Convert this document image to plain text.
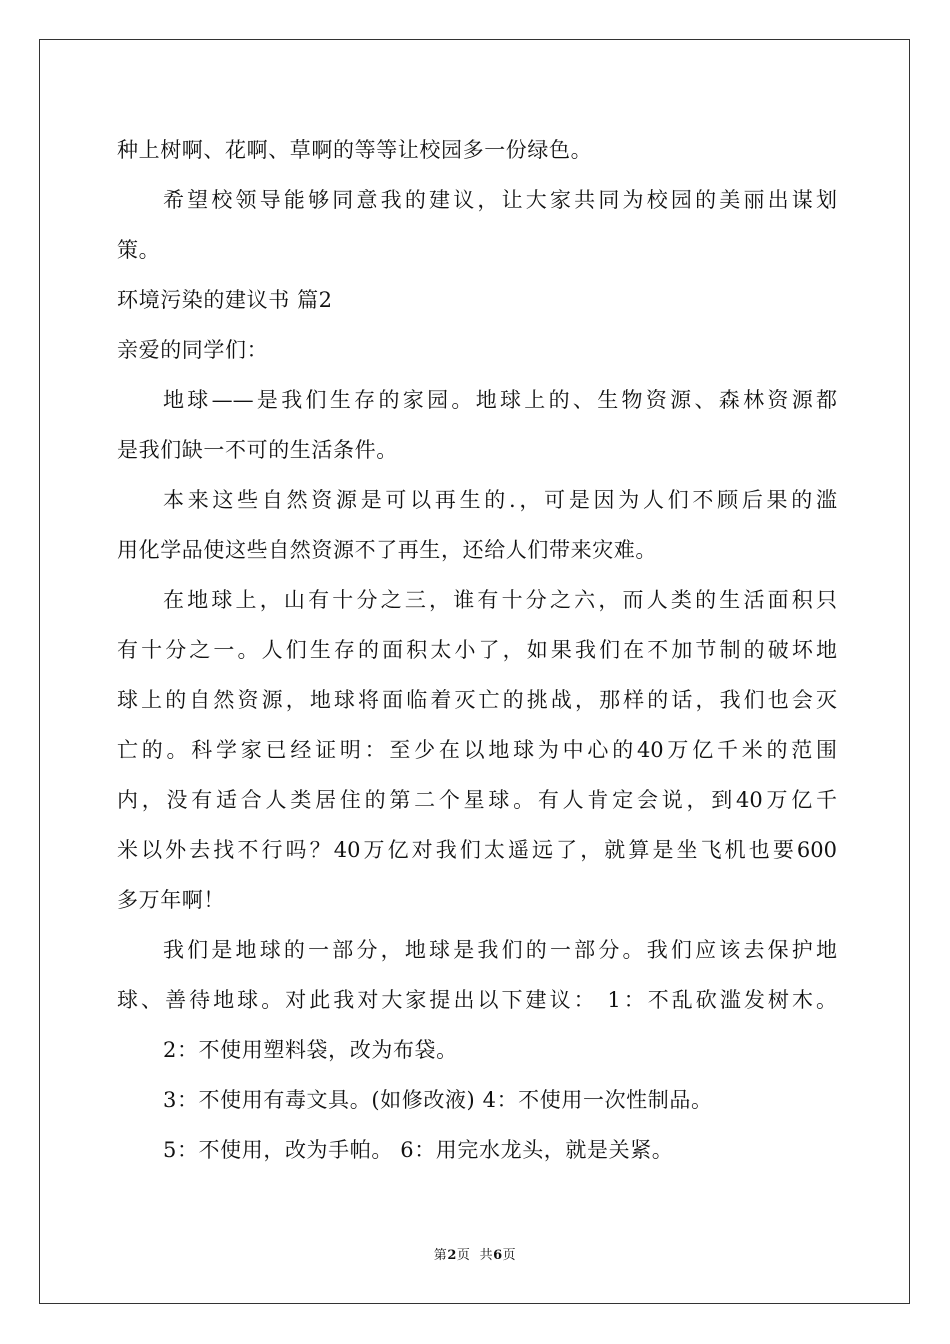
种上树啊、花啊、草啊的等等让校园多一份绿色。
希望校领导能够同意我的建议，让大家共同为校园的美丽出谋划
策。
环境污染的建议书 篇2
亲爱的同学们：
地球——是我们生存的家园。地球上的、生物资源、森林资源都
是我们缺一不可的生活条件。
本来这些自然资源是可以再生的.，可是因为人们不顾后果的滥
用化学品使这些自然资源不了再生，还给人们带来灾难。
在地球上，山有十分之三，谁有十分之六，而人类的生活面积只
有十分之一。人们生存的面积太小了，如果我们在不加节制的破坏地
球上的自然资源，地球将面临着灭亡的挑战，那样的话，我们也会灭
亡的。科学家已经证明：至少在以地球为中心的40万亿千米的范围
内，没有适合人类居住的第二个星球。有人肯定会说，到40万亿千
米以外去找不行吗？40万亿对我们太遥远了，就算是坐飞机也要600
多万年啊！
我们是地球的一部分，地球是我们的一部分。我们应该去保护地
球、善待地球。对此我对大家提出以下建议： 1：不乱砍滥发树木。
2：不使用塑料袋，改为布袋。
3：不使用有毒文具。(如修改液) 4：不使用一次性制品。
5：不使用，改为手帕。 6：用完水龙头，就是关紧。
第2页  共6页
